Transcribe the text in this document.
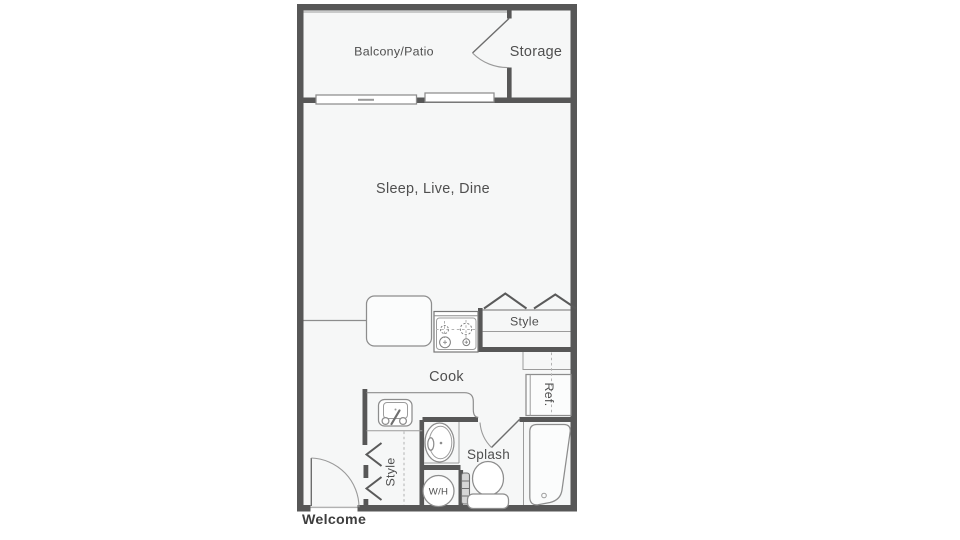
Balcony/Patio	Storage
Sleep, Live, Dine
Style
Cook
Ref.
Splash
Style
W/H
Welcome
